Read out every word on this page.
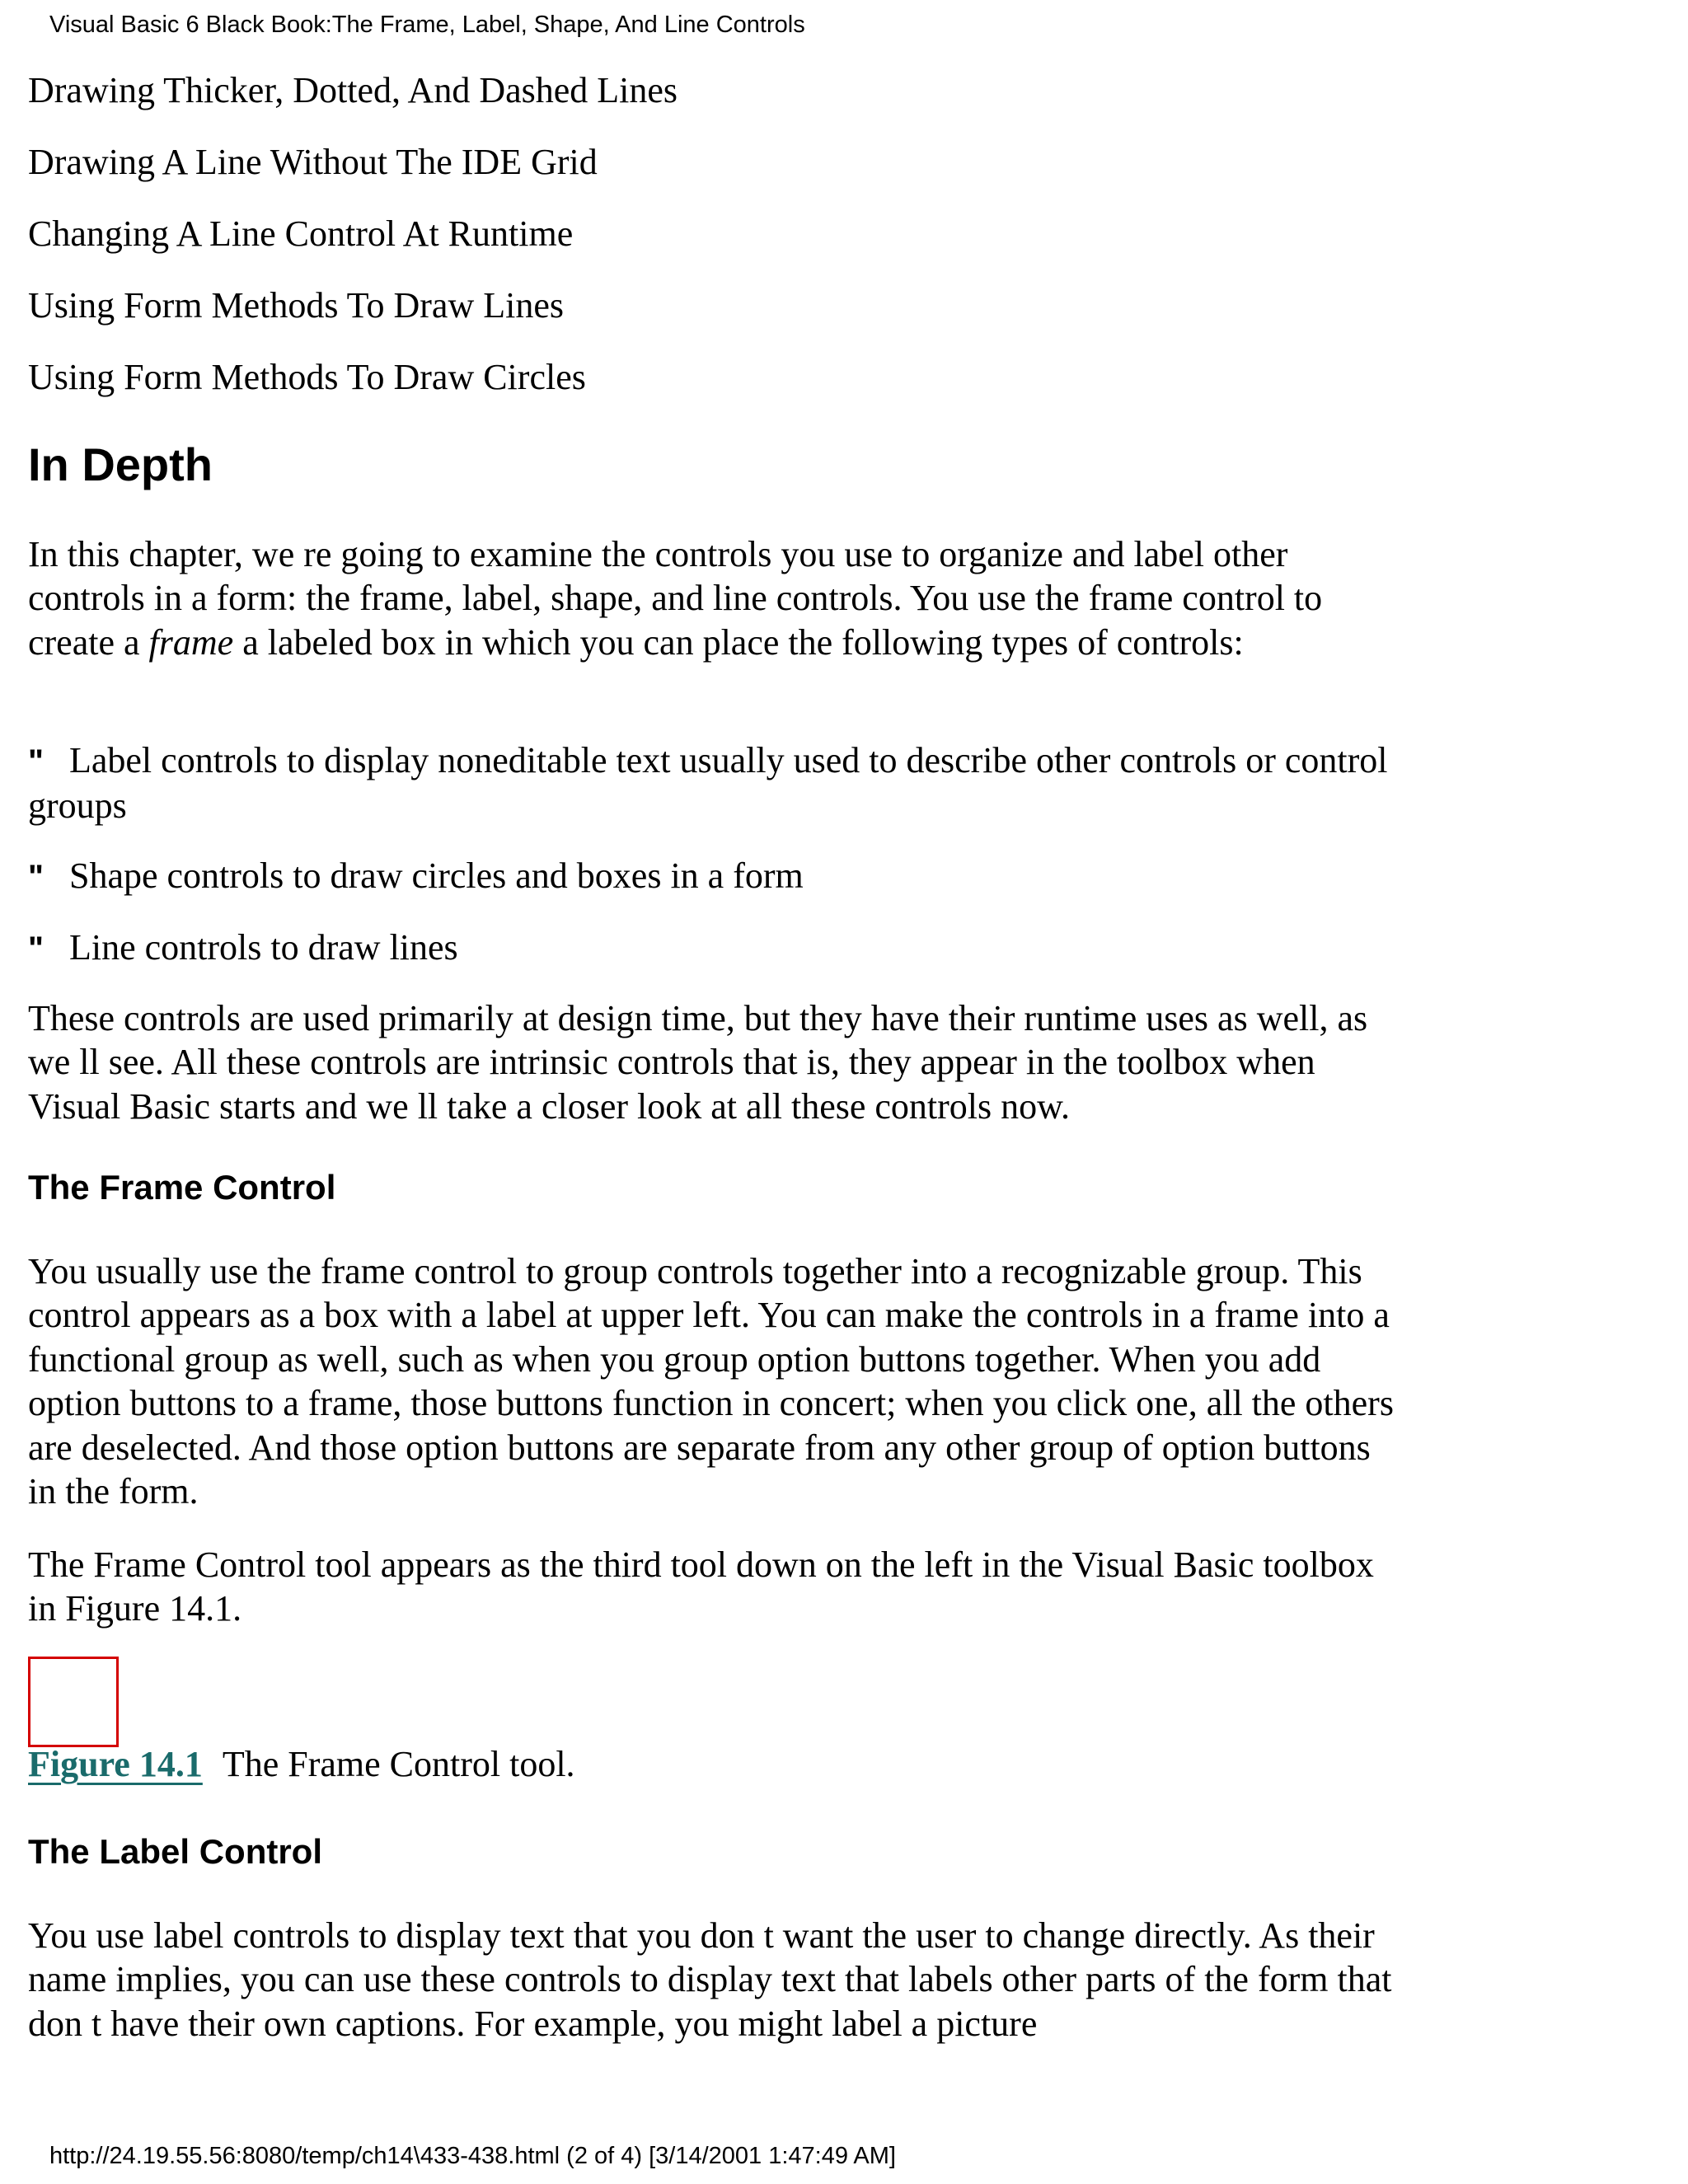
Visual Basic 6 Black Book:The Frame, Label, Shape, And Line Controls
Drawing Thicker, Dotted, And Dashed Lines
Drawing A Line Without The IDE Grid
Changing A Line Control At Runtime
Using Form Methods To Draw Lines
Using Form Methods To Draw Circles
In Depth
In this chapter, we re going to examine the controls you use to organize and label other controls in a form: the frame, label, shape, and line controls. You use the frame control to create a frame a labeled box in which you can place the following types of controls:
" Label controls to display noneditable text usually used to describe other controls or control groups
" Shape controls to draw circles and boxes in a form
" Line controls to draw lines
These controls are used primarily at design time, but they have their runtime uses as well, as we ll see. All these controls are intrinsic controls that is, they appear in the toolbox when Visual Basic starts and we ll take a closer look at all these controls now.
The Frame Control
You usually use the frame control to group controls together into a recognizable group. This control appears as a box with a label at upper left. You can make the controls in a frame into a functional group as well, such as when you group option buttons together. When you add option buttons to a frame, those buttons function in concert; when you click one, all the others are deselected. And those option buttons are separate from any other group of option buttons in the form.
The Frame Control tool appears as the third tool down on the left in the Visual Basic toolbox in Figure 14.1.
Figure 14.1 The Frame Control tool.
The Label Control
You use label controls to display text that you don t want the user to change directly. As their name implies, you can use these controls to display text that labels other parts of the form that don t have their own captions. For example, you might label a picture
http://24.19.55.56:8080/temp/ch14\433-438.html (2 of 4) [3/14/2001 1:47:49 AM]
